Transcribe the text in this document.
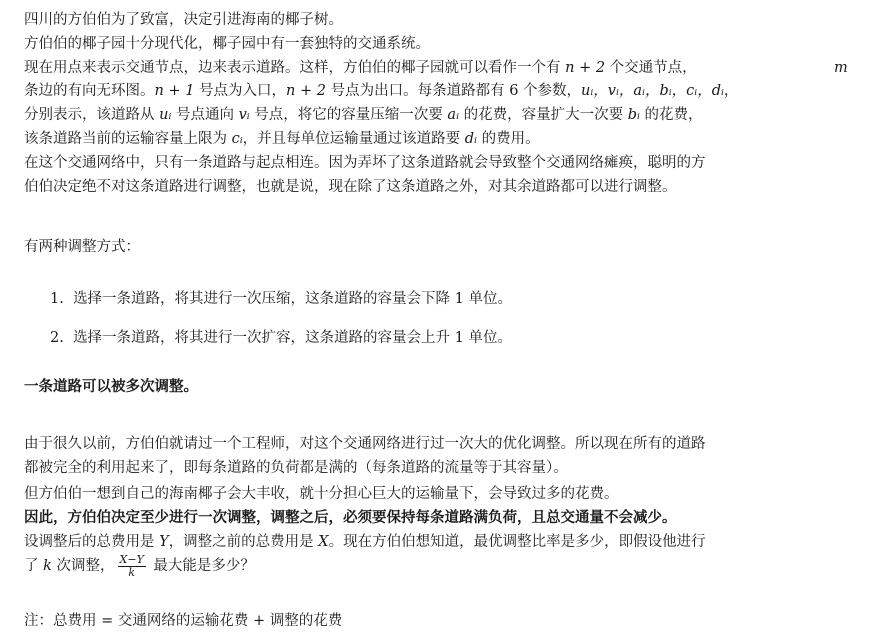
四川的方伯伯为了致富，决定引进海南的椰子树。
方伯伯的椰子园十分现代化，椰子园中有一套独特的交通系统。
现在用点来表示交通节点，边来表示道路。这样，方伯伯的椰子园就可以看作一个有 n + 2 个交通节点，	m
条边的有向无环图。n + 1 号点为入口，n + 2 号点为出口。每条道路都有 6 个参数，uᵢ，vᵢ，aᵢ，bᵢ，cᵢ，dᵢ，
分别表示，该道路从 uᵢ 号点通向 vᵢ 号点，将它的容量压缩一次要 aᵢ 的花费，容量扩大一次要 bᵢ 的花费，
该条道路当前的运输容量上限为 cᵢ，并且每单位运输量通过该道路要 dᵢ 的费用。
在这个交通网络中，只有一条道路与起点相连。因为弄坏了这条道路就会导致整个交通网络瘫痪，聪明的方
伯伯决定绝不对这条道路进行调整，也就是说，现在除了这条道路之外，对其余道路都可以进行调整。
有两种调整方式：
1. 选择一条道路，将其进行一次压缩，这条道路的容量会下降 1 单位。
2. 选择一条道路，将其进行一次扩容，这条道路的容量会上升 1 单位。
一条道路可以被多次调整。
由于很久以前，方伯伯就请过一个工程师，对这个交通网络进行过一次大的优化调整。所以现在所有的道路
都被完全的利用起来了，即每条道路的负荷都是满的（每条道路的流量等于其容量）。
但方伯伯一想到自己的海南椰子会大丰收，就十分担心巨大的运输量下，会导致过多的花费。
因此，方伯伯决定至少进行一次调整，调整之后，必须要保持每条道路满负荷，且总交通量不会减少。
设调整后的总费用是 Y，调整之前的总费用是 X。现在方伯伯想知道，最优调整比率是多少，即假设他进行
了 k 次调整， $\frac{X-Y}{k}$ 最大能是多少？
注：总费用 = 交通网络的运输花费 + 调整的花费
